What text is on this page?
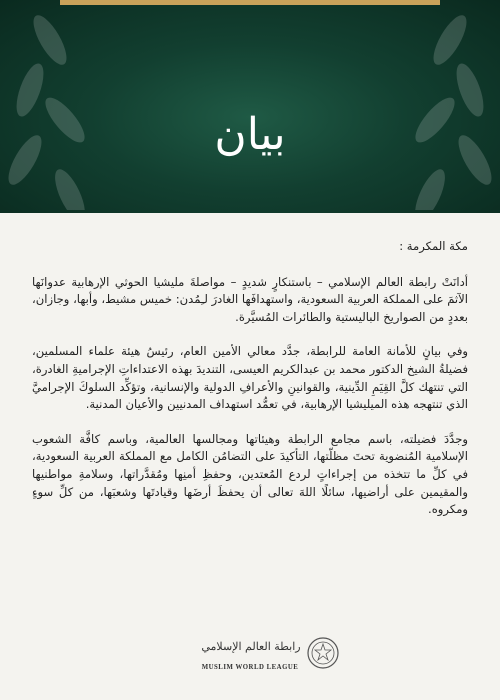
بيان

مكة المكرمة :

أدانَتْ رابطة العالم الإسلامي – باستنكارٍ شديدٍ – مواصلةَ مليشيا الحوثي الإرهابية عدوانَها الآثمَ على المملكة العربية السعودية، واستهدافَها الغادرَ لـِمُدن: خميس مشيط، وأبها، وجازان، بعددٍ من الصواريخ الباليستية والطائرات المُسيَّرة.

وفي بيانٍ للأمانة العامة للرابطة، جدَّد معالي الأمين العام، رئيسُ هيئة علماء المسلمين، فضيلةُ الشيخ الدكتور محمد بن عبدالكريم العيسى، التنديدَ بهذه الاعتداءاتِ الإجراميةِ الغادرة، التي تنتهك كلَّ القِيَمِ الدِّينية، والقوانينِ والأعرافِ الدولية والإنسانية، وتؤكِّد السلوكَ الإجراميَّ الذي تنتهجه هذه الميليشيا الإرهابية، في تعمُّد استهداف المدنيين والأعيان المدنية.

وجدَّدَ فضيلته، باسم مجامع الرابطة وهيئاتها ومجالسها العالمية، وباسم كافَّة الشعوب الإسلامية المُنضوية تحتَ مظلّتها، التأكيدَ على التضامُن الكامل مع المملكة العربية السعودية، في كلِّ ما تتخذه من إجراءاتٍ لردع المُعتدين، وحفظِ أمنِها ومُقدَّراتها، وسلامةِ مواطنيها والمقيمين على أراضيها، سائلًا اللهَ تعالى أن يحفظَ أرضَها وقيادتَها وشعبَها، من كلِّ سوءٍ ومكروه.

رابطة العالم الإسلامي
MUSLIM WORLD LEAGUE
